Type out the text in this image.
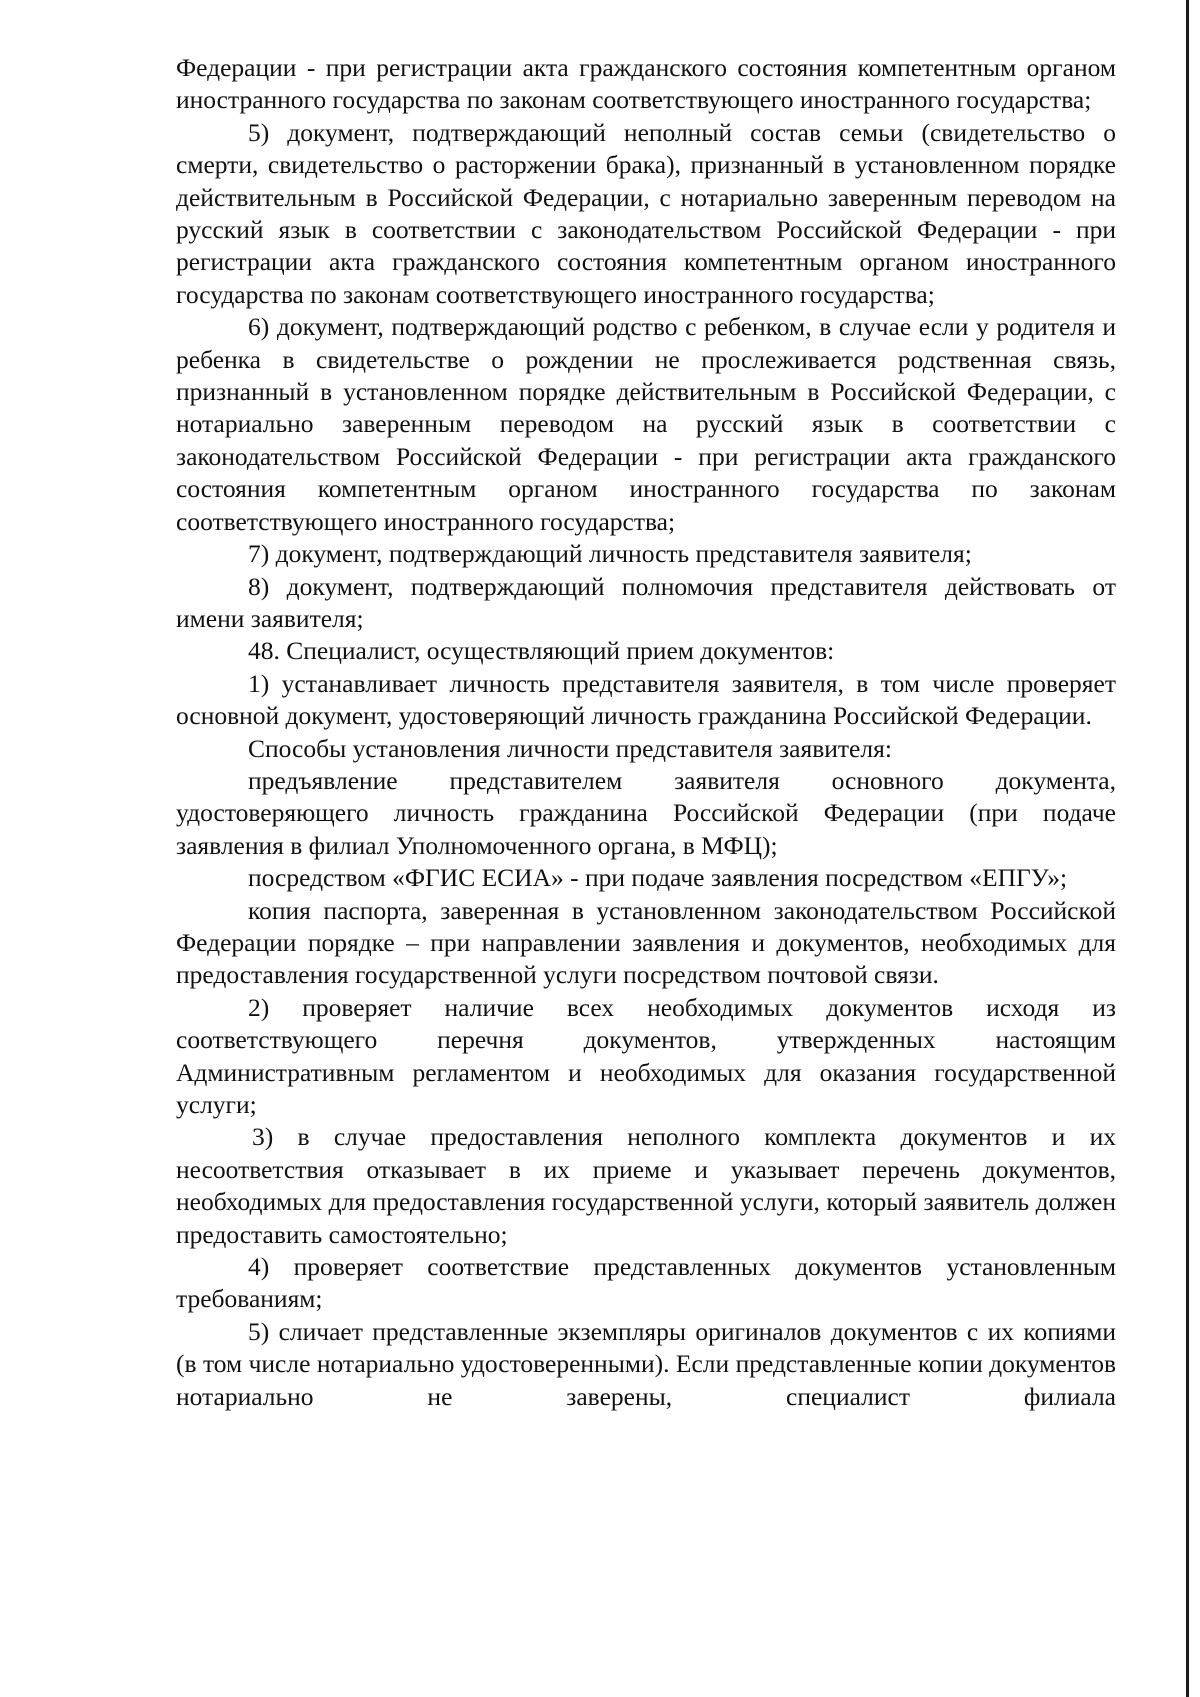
Федерации - при регистрации акта гражданского состояния компетентным органом иностранного государства по законам соответствующего иностранного государства;

5) документ, подтверждающий неполный состав семьи (свидетельство о смерти, свидетельство о расторжении брака), признанный в установленном порядке действительным в Российской Федерации, с нотариально заверенным переводом на русский язык в соответствии с законодательством Российской Федерации - при регистрации акта гражданского состояния компетентным органом иностранного государства по законам соответствующего иностранного государства;

6) документ, подтверждающий родство с ребенком, в случае если у родителя и ребенка в свидетельстве о рождении не прослеживается родственная связь, признанный в установленном порядке действительным в Российской Федерации, с нотариально заверенным переводом на русский язык в соответствии с законодательством Российской Федерации - при регистрации акта гражданского состояния компетентным органом иностранного государства по законам соответствующего иностранного государства;

7) документ, подтверждающий личность представителя заявителя;

8) документ, подтверждающий полномочия представителя действовать от имени заявителя;

48. Специалист, осуществляющий прием документов:

1) устанавливает личность представителя заявителя, в том числе проверяет основной документ, удостоверяющий личность гражданина Российской Федерации.

Способы установления личности представителя заявителя:

предъявление представителем заявителя основного документа, удостоверяющего личность гражданина Российской Федерации (при подаче заявления в филиал Уполномоченного органа, в МФЦ);

посредством «ФГИС ЕСИА» - при подаче заявления посредством «ЕПГУ»;

копия паспорта, заверенная в установленном законодательством Российской Федерации порядке – при направлении заявления и документов, необходимых для предоставления государственной услуги посредством почтовой связи.

2) проверяет наличие всех необходимых документов исходя из соответствующего перечня документов, утвержденных настоящим Административным регламентом и необходимых для оказания государственной услуги;

3) в случае предоставления неполного комплекта документов и их несоответствия отказывает в их приеме и указывает перечень документов, необходимых для предоставления государственной услуги, который заявитель должен предоставить самостоятельно;

4) проверяет соответствие представленных документов установленным требованиям;

5) сличает представленные экземпляры оригиналов документов с их копиями (в том числе нотариально удостоверенными). Если представленные копии документов нотариально не заверены, специалист филиала
